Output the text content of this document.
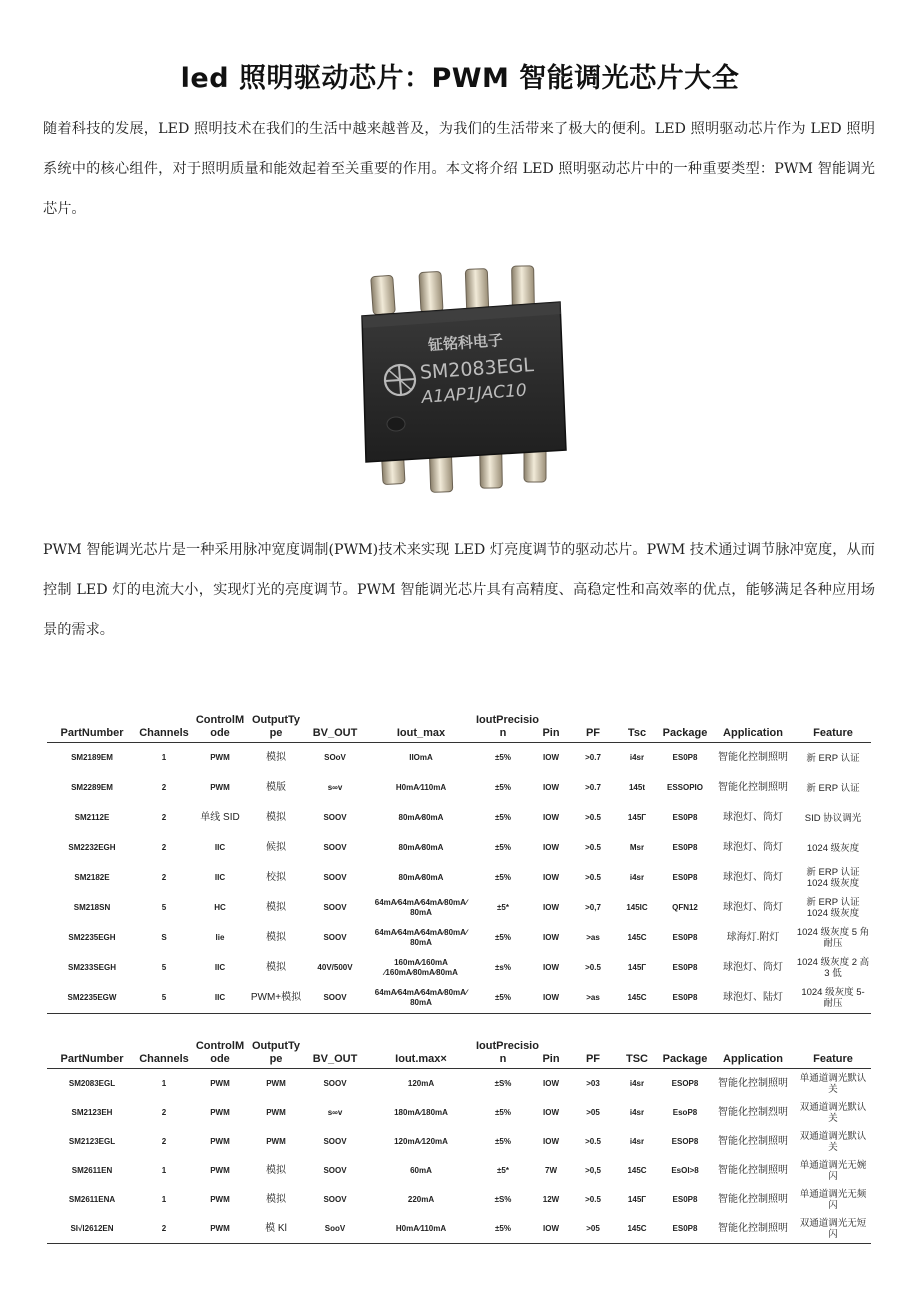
led 照明驱动芯片：PWM 智能调光芯片大全

随着科技的发展，LED 照明技术在我们的生活中越来越普及，为我们的生活带来了极大的便利。LED 照明驱动芯片作为 LED 照明系统中的核心组件，对于照明质量和能效起着至关重要的作用。本文将介绍 LED 照明驱动芯片中的一种重要类型：PWM 智能调光芯片。

钲铭科电子
SM2083EGL
A1AP1JAC10

PWM 智能调光芯片是一种采用脉冲宽度调制(PWM)技术来实现 LED 灯亮度调节的驱动芯片。PWM 技术通过调节脉冲宽度，从而控制 LED 灯的电流大小，实现灯光的亮度调节。PWM 智能调光芯片具有高精度、高稳定性和高效率的优点，能够满足各种应用场景的需求。

PartNumber	Channels	ControlM ode	OutputTy pe	BV_OUT	Iout_max	IoutPrecisio n	Pin	PF	Tsc	Package	Application	Feature
SM2189EM	1	PWM	模拟	SOoV	IIOmA	±5%	IOW	>0.7	i4sr	ES0P8	智能化控制照明	新 ERP 认证
SM2289EM	2	PWM	模版	s∞v	H0mA∕110mA	±5%	IOW	>0.7	145t	ESSOPIO	智能化控制照明	新 ERP 认证
SM2112E	2	单线 SID	模拟	SOOV	80mA∕80mA	±5%	IOW	>0.5	145Γ	ES0P8	球泡灯、筒灯	SID 协议调光
SM2232EGH	2	IIC	候拟	SOOV	80mA∕80mA	±5%	IOW	>0.5	Msr	ES0P8	球泡灯、筒灯	1024 级灰度
SM2182E	2	IIC	校拟	SOOV	80mA∕80mA	±5%	IOW	>0.5	i4sr	ES0P8	球泡灯、筒灯	新 ERP 认证 1024 级灰度
SM218SN	5	HC	模拟	SOOV	64mA∕64mA∕64mA∕80mA∕ 80mA	±5*	IOW	>0,7	145IC	QFN12	球泡灯、筒灯	新 ERP 认证 1024 级灰度
SM2235EGH	S	lie	模拟	SOOV	64mA∕64mA∕64mA∕80mA∕ 80mA	±5%	IOW	>as	145C	ES0P8	球海灯.附灯	1024 级灰度 5 角 耐压
SM233SEGH	5	IIC	模拟	40V/500V	160mA∕160mA ∕160mA∕80mA∕80mA	±s%	IOW	>0.5	145Γ	ES0P8	球泡灯、筒灯	1024 级灰度 2 高 3 低
SM2235EGW	5	IIC	PWM+模拟	SOOV	64mA∕64mA∕64mA∕80mA∕ 80mA	±5%	IOW	>as	145C	ES0P8	球泡灯、陆灯	1024 级灰度 5- 耐压
PartNumber	Channels	ControlM ode	OutputTy pe	BV_OUT	Iout.max×	IoutPrecisio n	Pin	PF	TSC	Package	Application	Feature
SM2083EGL	1	PWM	PWM	SOOV	120mA	±S%	IOW	>03	i4sr	ESOP8	智能化控制照明	单通道调光默认 关
SM2123EH	2	PWM	PWM	s∞v	180mA∕180mA	±5%	IOW	>05	i4sr	EsoP8	智能化控制烈明	双通道调光默认 关
SM2123EGL	2	PWM	PWM	SOOV	120mA∕120mA	±5%	IOW	>0.5	i4sr	ESOP8	智能化控制照明	双通道调光默认 关
SM2611EN	1	PWM	模拟	SOOV	60mA	±5*	7W	>0,5	145C	EsOl>8	智能化控制照明	单通道调光无婉 闪
SM2611ENA	1	PWM	模拟	SOOV	220mA	±S%	12W	>0.5	145Γ	ES0P8	智能化控制照明	单通道调光无频 闪
SI√l2612EN	2	PWM	模 Kl	SooV	H0mA∕110mA	±5%	IOW	>05	145C	ES0P8	智能化控制照明	双通道调光无短 闪
